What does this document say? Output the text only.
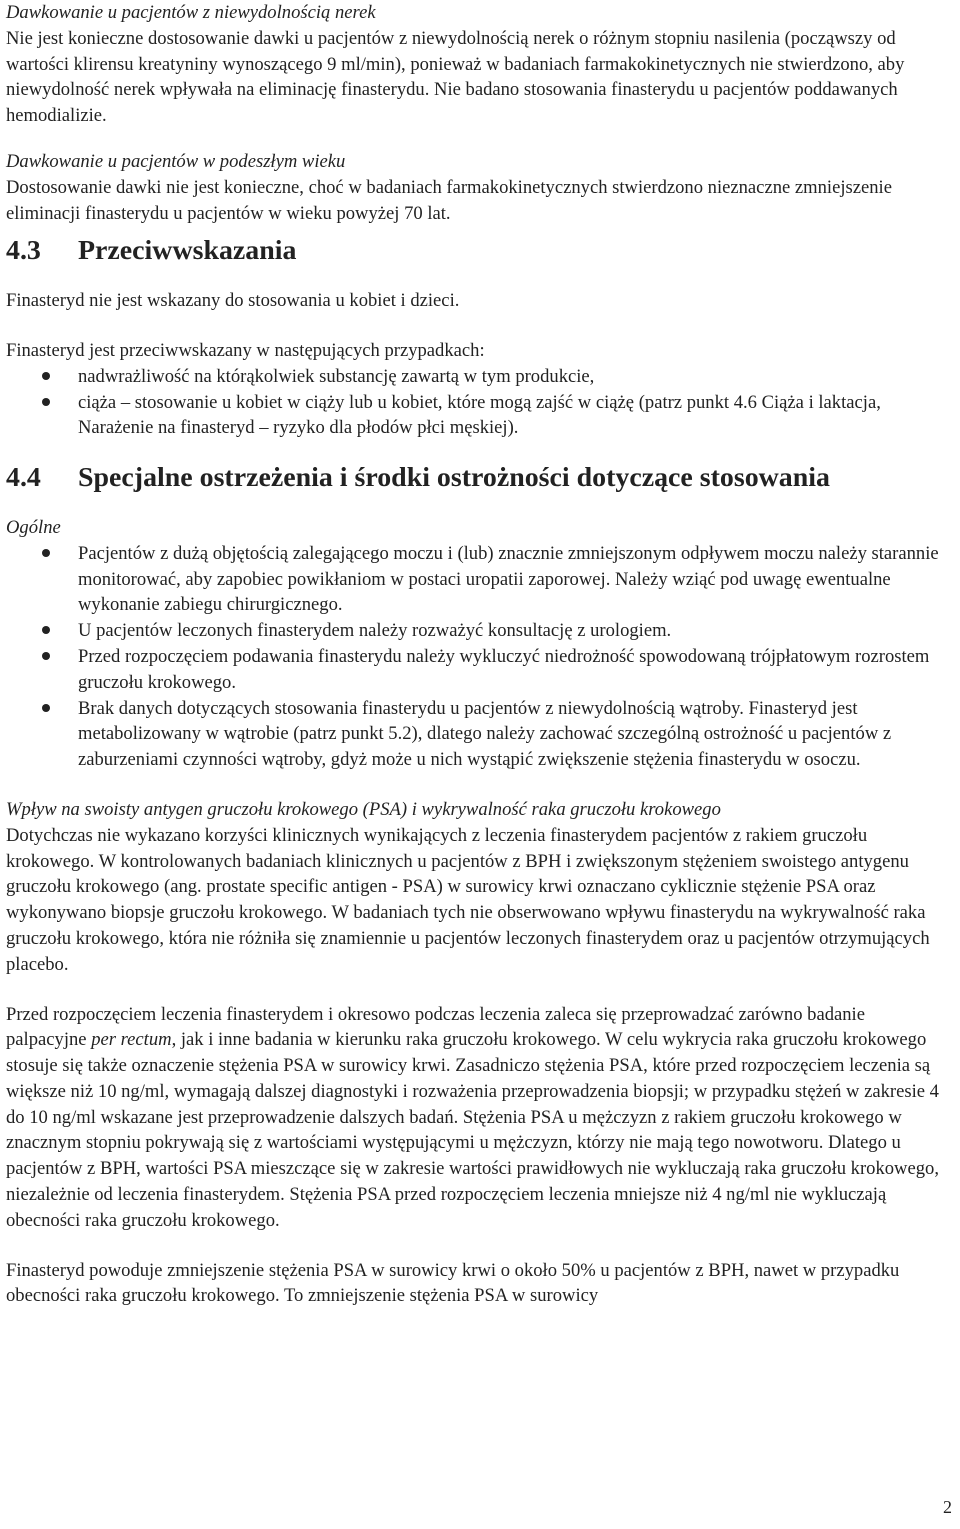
Dawkowanie u pacjentów z niewydolnością nerek

Nie jest konieczne dostosowanie dawki u pacjentów z niewydolnością nerek o różnym stopniu nasilenia (począwszy od wartości klirensu kreatyniny wynoszącego 9 ml/min), ponieważ w badaniach farmakokinetycznych nie stwierdzono, aby niewydolność nerek wpływała na eliminację finasterydu. Nie badano stosowania finasterydu u pacjentów poddawanych hemodializie.

Dawkowanie u pacjentów w podeszłym wieku

Dostosowanie dawki nie jest konieczne, choć w badaniach farmakokinetycznych stwierdzono nieznaczne zmniejszenie eliminacji finasterydu u pacjentów w wieku powyżej 70 lat.

4.3	Przeciwwskazania

Finasteryd nie jest wskazany do stosowania u kobiet i dzieci.

Finasteryd jest przeciwwskazany w następujących przypadkach:

nadwrażliwość na którąkolwiek substancję zawartą w tym produkcie,
ciąża – stosowanie u kobiet w ciąży lub u kobiet, które mogą zajść w ciążę (patrz punkt 4.6 Ciąża i laktacja, Narażenie na finasteryd – ryzyko dla płodów płci męskiej).
4.4	Specjalne ostrzeżenia i środki ostrożności dotyczące stosowania

Ogólne

Pacjentów z dużą objętością zalegającego moczu i (lub) znacznie zmniejszonym odpływem moczu należy starannie monitorować, aby zapobiec powikłaniom w postaci uropatii zaporowej. Należy wziąć pod uwagę ewentualne wykonanie zabiegu chirurgicznego.
U pacjentów leczonych finasterydem należy rozważyć konsultację z urologiem.
Przed rozpoczęciem podawania finasterydu należy wykluczyć niedrożność spowodowaną trójpłatowym rozrostem gruczołu krokowego.
Brak danych dotyczących stosowania finasterydu u pacjentów z niewydolnością wątroby. Finasteryd jest metabolizowany w wątrobie (patrz punkt 5.2), dlatego należy zachować szczególną ostrożność u pacjentów z zaburzeniami czynności wątroby, gdyż może u nich wystąpić zwiększenie stężenia finasterydu w osoczu.

Wpływ na swoisty antygen gruczołu krokowego (PSA) i wykrywalność raka gruczołu krokowego

Dotychczas nie wykazano korzyści klinicznych wynikających z leczenia finasterydem pacjentów z rakiem gruczołu krokowego. W kontrolowanych badaniach klinicznych u pacjentów z BPH i zwiększonym stężeniem swoistego antygenu gruczołu krokowego (ang. prostate specific antigen - PSA) w surowicy krwi oznaczano cyklicznie stężenie PSA oraz wykonywano biopsje gruczołu krokowego. W badaniach tych nie obserwowano wpływu finasterydu na wykrywalność raka gruczołu krokowego, która nie różniła się znamiennie u pacjentów leczonych finasterydem oraz u pacjentów otrzymujących placebo.

Przed rozpoczęciem leczenia finasterydem i okresowo podczas leczenia zaleca się przeprowadzać zarówno badanie palpacyjne per rectum, jak i inne badania w kierunku raka gruczołu krokowego. W celu wykrycia raka gruczołu krokowego stosuje się także oznaczenie stężenia PSA w surowicy krwi. Zasadniczo stężenia PSA, które przed rozpoczęciem leczenia są większe niż 10 ng/ml, wymagają dalszej diagnostyki i rozważenia przeprowadzenia biopsji; w przypadku stężeń w zakresie 4 do 10 ng/ml wskazane jest przeprowadzenie dalszych badań. Stężenia PSA u mężczyzn z rakiem gruczołu krokowego w znacznym stopniu pokrywają się z wartościami występującymi u mężczyzn, którzy nie mają tego nowotworu. Dlatego u pacjentów z BPH, wartości PSA mieszczące się w zakresie wartości prawidłowych nie wykluczają raka gruczołu krokowego, niezależnie od leczenia finasterydem. Stężenia PSA przed rozpoczęciem leczenia mniejsze niż 4 ng/ml nie wykluczają obecności raka gruczołu krokowego.

Finasteryd powoduje zmniejszenie stężenia PSA w surowicy krwi o około 50% u pacjentów z BPH, nawet w przypadku obecności raka gruczołu krokowego. To zmniejszenie stężenia PSA w surowicy

2
